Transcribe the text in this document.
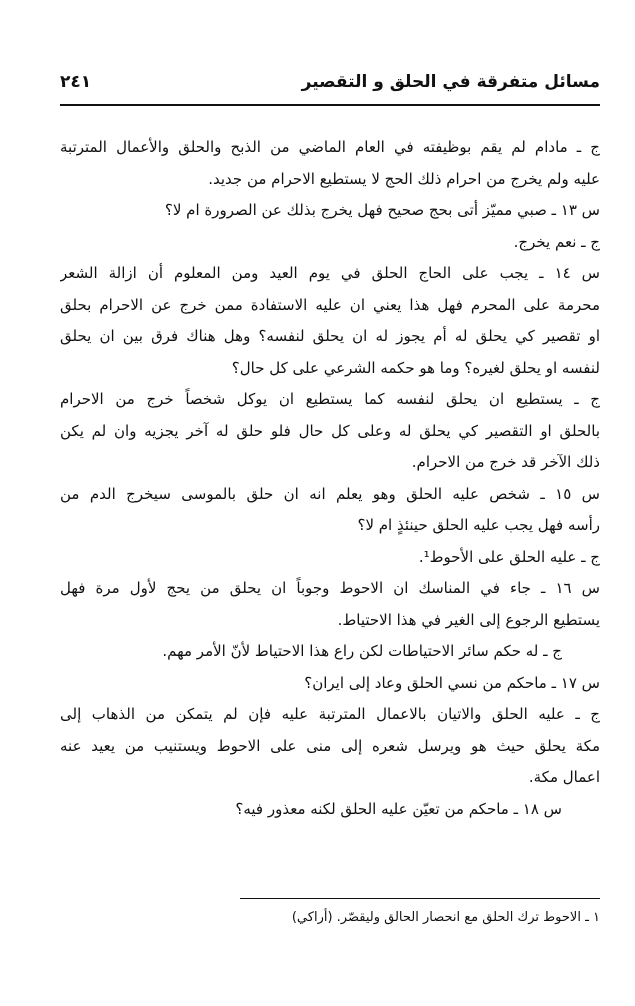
مسائل متفرقة في الحلق و التقصير
٢٤١
ج ـ مادام لم يقم بوظيفته في العام الماضي من الذبح والحلق والأعمال المترتبة
عليه ولم يخرج من احرام ذلك الحج لا يستطيع الاحرام من جديد.
س ١٣ ـ صبي مميّز أتى بحج صحيح فهل يخرج بذلك عن الصرورة ام لا؟
ج ـ نعم يخرج.
س ١٤ ـ يجب على الحاج الحلق في يوم العيد ومن المعلوم أن ازالة الشعر
محرمة على المحرم فهل هذا يعني ان عليه الاستفادة ممن خرج عن الاحرام بحلق
او تقصير كي يحلق له أم يجوز له ان يحلق لنفسه؟ وهل هناك فرق بين ان يحلق
لنفسه او يحلق لغيره؟ وما هو حكمه الشرعي على كل حال؟
ج ـ يستطيع ان يحلق لنفسه كما يستطيع ان يوكل شخصاً خرج من الاحرام
بالحلق او التقصير كي يحلق له وعلى كل حال فلو حلق له آخر يجزيه وان لم يكن
ذلك الآخر قد خرج من الاحرام.
س ١٥ ـ شخص عليه الحلق وهو يعلم انه ان حلق بالموسى سيخرج الدم من
رأسه فهل يجب عليه الحلق حينئذٍ ام لا؟
ج ـ عليه الحلق على الأحوط¹.
س ١٦ ـ جاء في المناسك ان الاحوط وجوباً ان يحلق من يحج لأول مرة فهل
يستطيع الرجوع إلى الغير في هذا الاحتياط.
ج ـ له حكم سائر الاحتياطات لكن راع هذا الاحتياط لأنّ الأمر مهم.
س ١٧ ـ ماحكم من نسي الحلق وعاد إلى ايران؟
ج ـ عليه الحلق والاتيان بالاعمال المترتبة عليه فإن لم يتمكن من الذهاب إلى
مكة يحلق حيث هو ويرسل شعره إلى منى على الاحوط ويستنيب من يعيد عنه
اعمال مكة.
س ١٨ ـ ماحكم من تعيّن عليه الحلق لكنه معذور فيه؟
١ ـ الاحوط ترك الحلق مع انحصار الحالق وليقصّر. (أراكي)
